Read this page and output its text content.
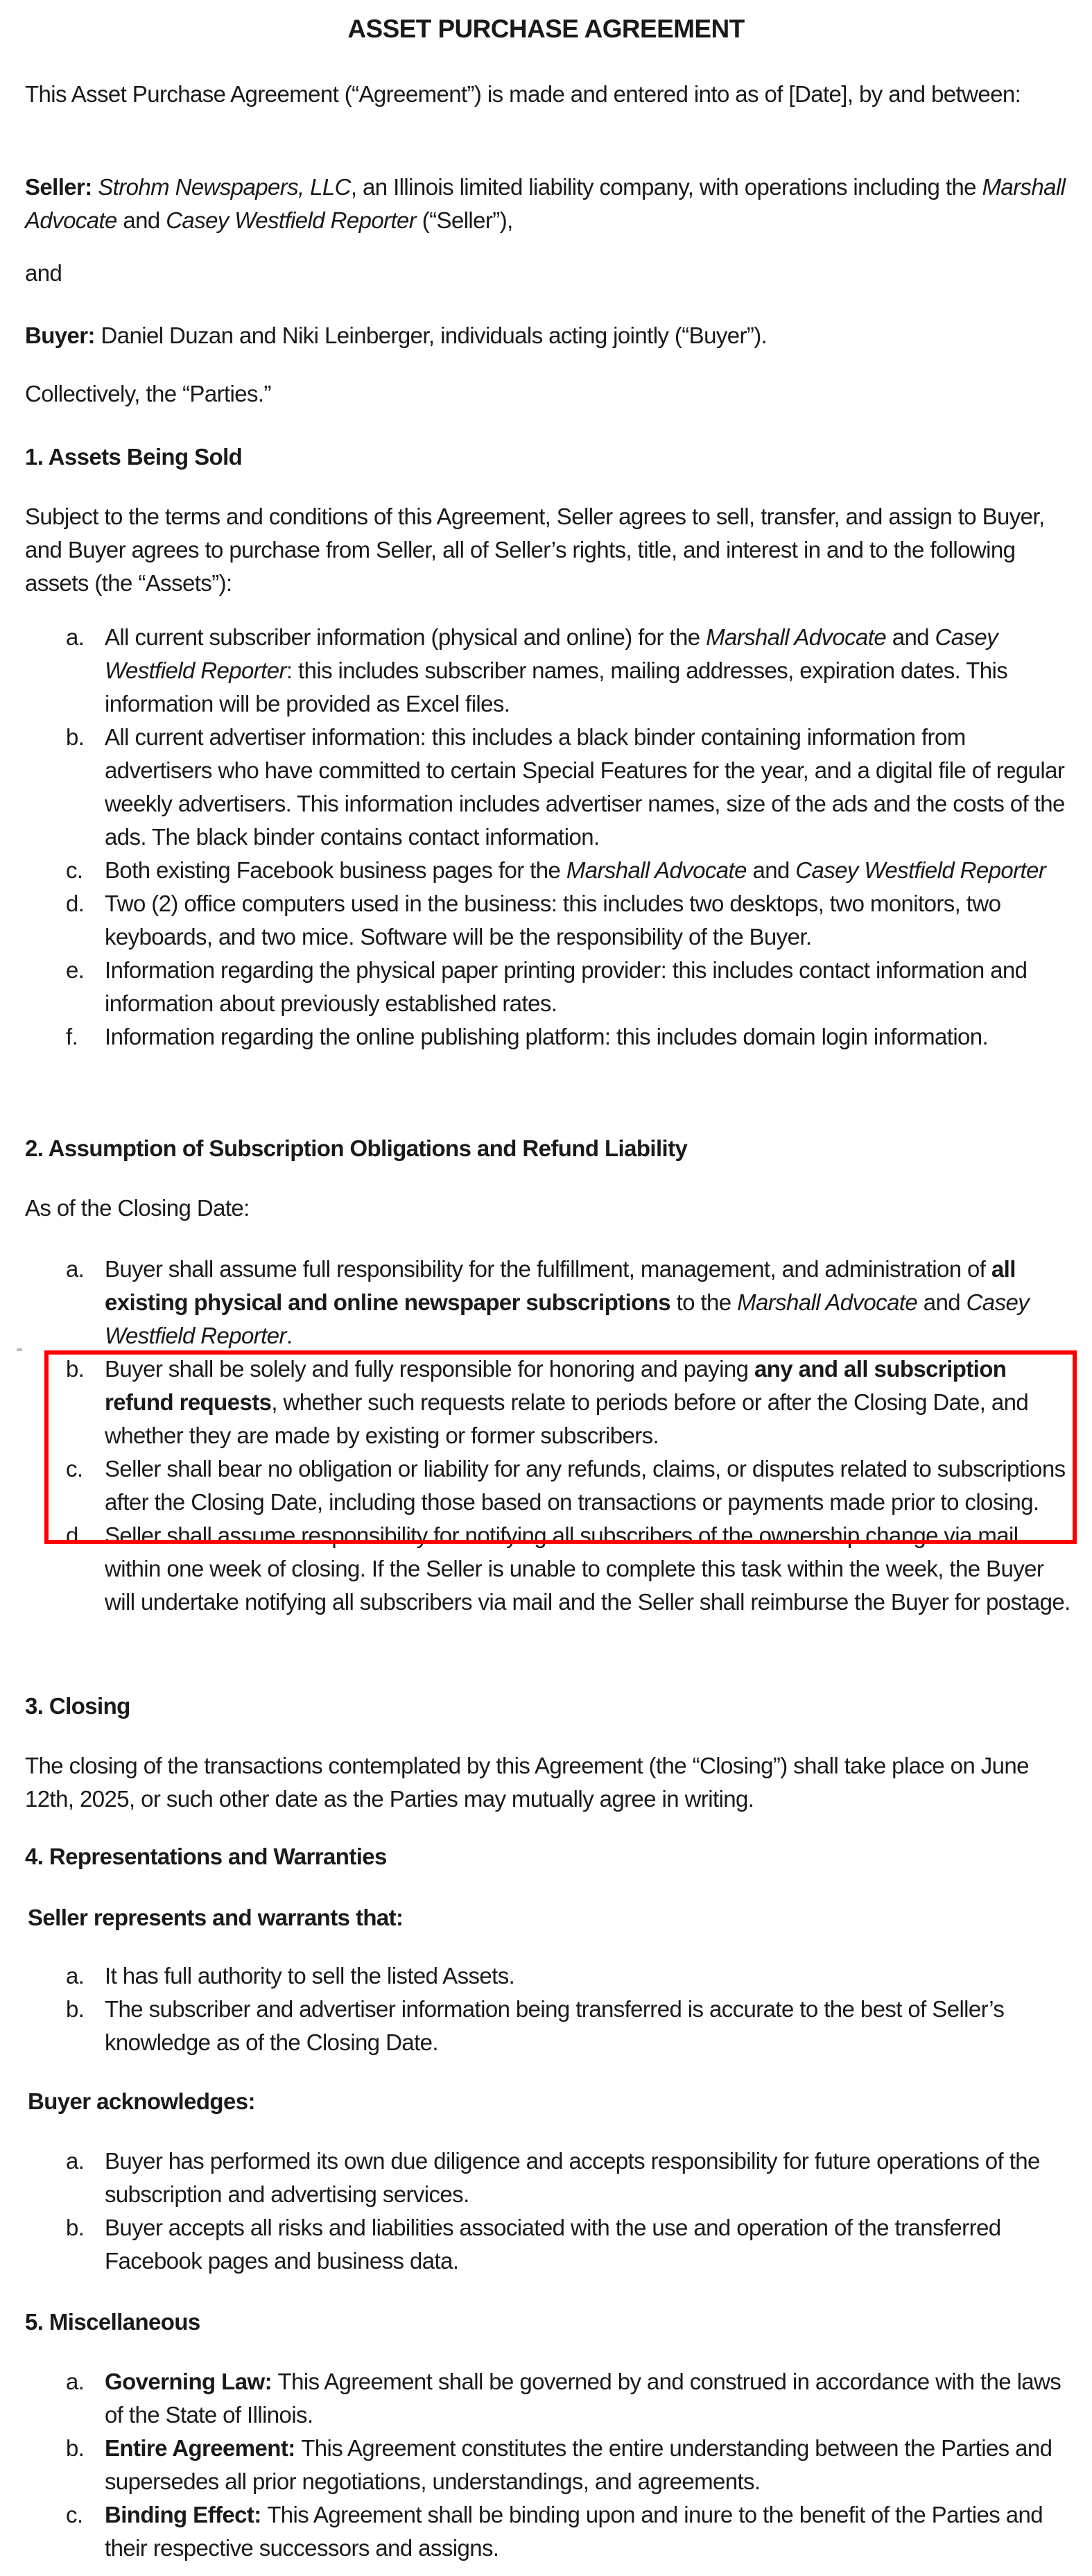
ASSET PURCHASE AGREEMENT
This Asset Purchase Agreement (“Agreement”) is made and entered into as of [Date], by and between:
Seller: Strohm Newspapers, LLC, an Illinois limited liability company, with operations including the Marshall Advocate and Casey Westfield Reporter (“Seller”),
and
Buyer: Daniel Duzan and Niki Leinberger, individuals acting jointly (“Buyer”).
Collectively, the “Parties.”
1. Assets Being Sold
Subject to the terms and conditions of this Agreement, Seller agrees to sell, transfer, and assign to Buyer, and Buyer agrees to purchase from Seller, all of Seller’s rights, title, and interest in and to the following assets (the “Assets”):
a. All current subscriber information (physical and online) for the Marshall Advocate and Casey Westfield Reporter: this includes subscriber names, mailing addresses, expiration dates. This information will be provided as Excel files.
b. All current advertiser information: this includes a black binder containing information from advertisers who have committed to certain Special Features for the year, and a digital file of regular weekly advertisers. This information includes advertiser names, size of the ads and the costs of the ads. The black binder contains contact information.
c. Both existing Facebook business pages for the Marshall Advocate and Casey Westfield Reporter
d. Two (2) office computers used in the business: this includes two desktops, two monitors, two keyboards, and two mice. Software will be the responsibility of the Buyer.
e. Information regarding the physical paper printing provider: this includes contact information and information about previously established rates.
f. Information regarding the online publishing platform: this includes domain login information.
2. Assumption of Subscription Obligations and Refund Liability
As of the Closing Date:
a. Buyer shall assume full responsibility for the fulfillment, management, and administration of all existing physical and online newspaper subscriptions to the Marshall Advocate and Casey Westfield Reporter.
b. Buyer shall be solely and fully responsible for honoring and paying any and all subscription refund requests, whether such requests relate to periods before or after the Closing Date, and whether they are made by existing or former subscribers.
c. Seller shall bear no obligation or liability for any refunds, claims, or disputes related to subscriptions after the Closing Date, including those based on transactions or payments made prior to closing.
d. Seller shall assume responsibility for notifying all subscribers of the ownership change via mail within one week of closing. If the Seller is unable to complete this task within the week, the Buyer will undertake notifying all subscribers via mail and the Seller shall reimburse the Buyer for postage.
3. Closing
The closing of the transactions contemplated by this Agreement (the “Closing”) shall take place on June 12th, 2025, or such other date as the Parties may mutually agree in writing.
4. Representations and Warranties
Seller represents and warrants that:
a. It has full authority to sell the listed Assets.
b. The subscriber and advertiser information being transferred is accurate to the best of Seller’s knowledge as of the Closing Date.
Buyer acknowledges:
a. Buyer has performed its own due diligence and accepts responsibility for future operations of the subscription and advertising services.
b. Buyer accepts all risks and liabilities associated with the use and operation of the transferred Facebook pages and business data.
5. Miscellaneous
a. Governing Law: This Agreement shall be governed by and construed in accordance with the laws of the State of Illinois.
b. Entire Agreement: This Agreement constitutes the entire understanding between the Parties and supersedes all prior negotiations, understandings, and agreements.
c. Binding Effect: This Agreement shall be binding upon and inure to the benefit of the Parties and their respective successors and assigns.
